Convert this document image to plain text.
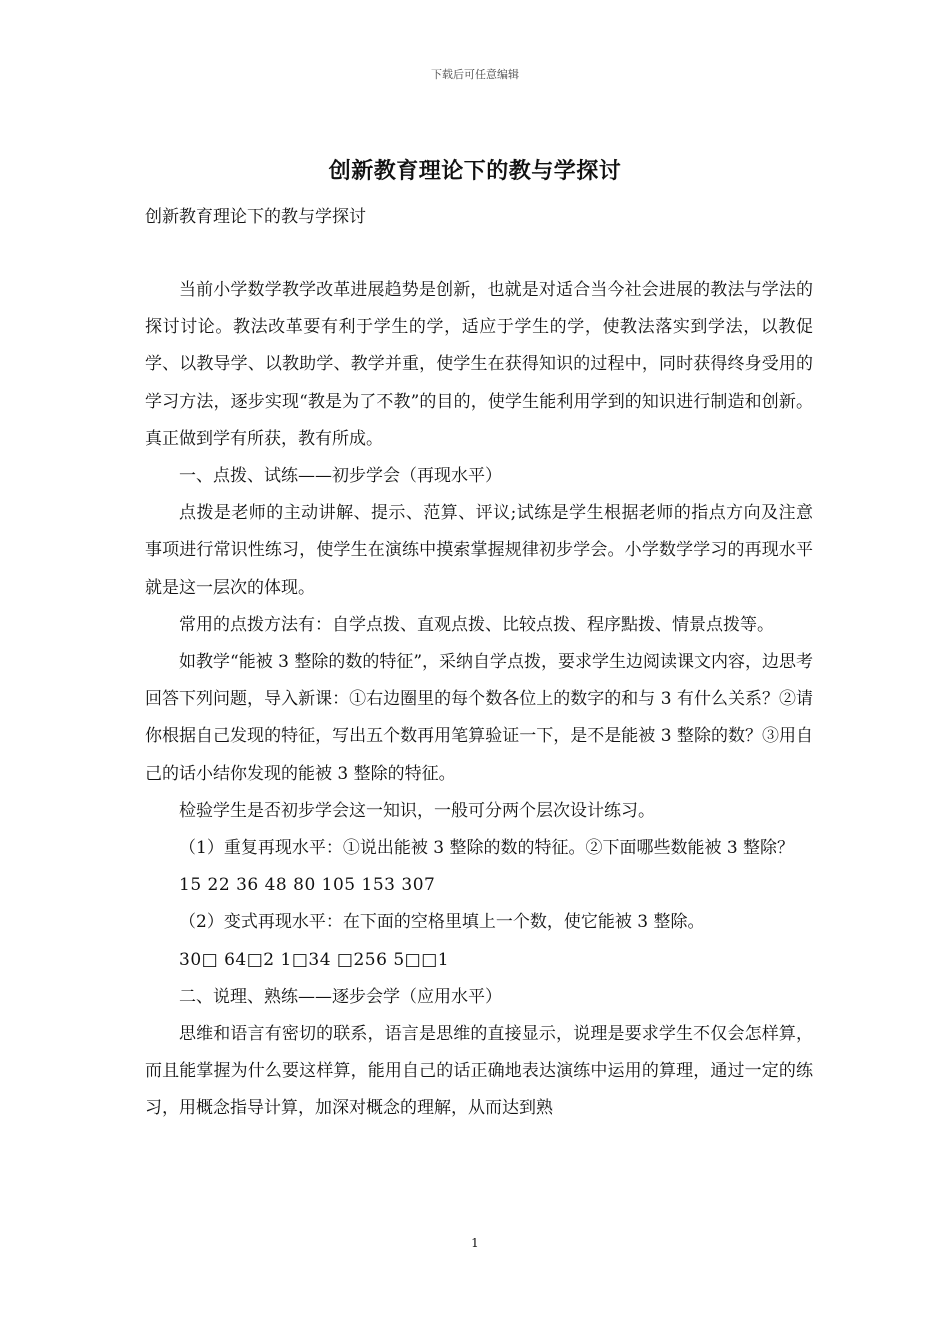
下载后可任意编辑
创新教育理论下的教与学探讨
创新教育理论下的教与学探讨

当前小学数学教学改革进展趋势是创新，也就是对适合当今社会进展的教法与学法的探讨讨论。教法改革要有利于学生的学，适应于学生的学，使教法落实到学法，以教促学、以教导学、以教助学、教学并重，使学生在获得知识的过程中，同时获得终身受用的学习方法，逐步实现“教是为了不教”的目的，使学生能利用学到的知识进行制造和创新。真正做到学有所获，教有所成。

一、点拨、试练——初步学会（再现水平）

点拨是老师的主动讲解、提示、范算、评议;试练是学生根据老师的指点方向及注意事项进行常识性练习，使学生在演练中摸索掌握规律初步学会。小学数学学习的再现水平就是这一层次的体现。

常用的点拨方法有：自学点拨、直观点拨、比较点拨、程序點拨、情景点拨等。

如教学“能被 3 整除的数的特征”，采纳自学点拨，要求学生边阅读课文内容，边思考回答下列问题，导入新课：①右边圈里的每个数各位上的数字的和与 3 有什么关系？②请你根据自己发现的特征，写出五个数再用笔算验证一下，是不是能被 3 整除的数？③用自己的话小结你发现的能被 3 整除的特征。

检验学生是否初步学会这一知识，一般可分两个层次设计练习。

（1）重复再现水平：①说出能被 3 整除的数的特征。②下面哪些数能被 3 整除？

15 22 36 48 80 105 153 307

（2）变式再现水平：在下面的空格里填上一个数，使它能被 3 整除。

30□ 64□2 1□34 □256 5□□1

二、说理、熟练——逐步会学（应用水平）

思维和语言有密切的联系，语言是思维的直接显示，说理是要求学生不仅会怎样算，而且能掌握为什么要这样算，能用自己的话正确地表达演练中运用的算理，通过一定的练习，用概念指导计算，加深对概念的理解，从而达到熟

1
